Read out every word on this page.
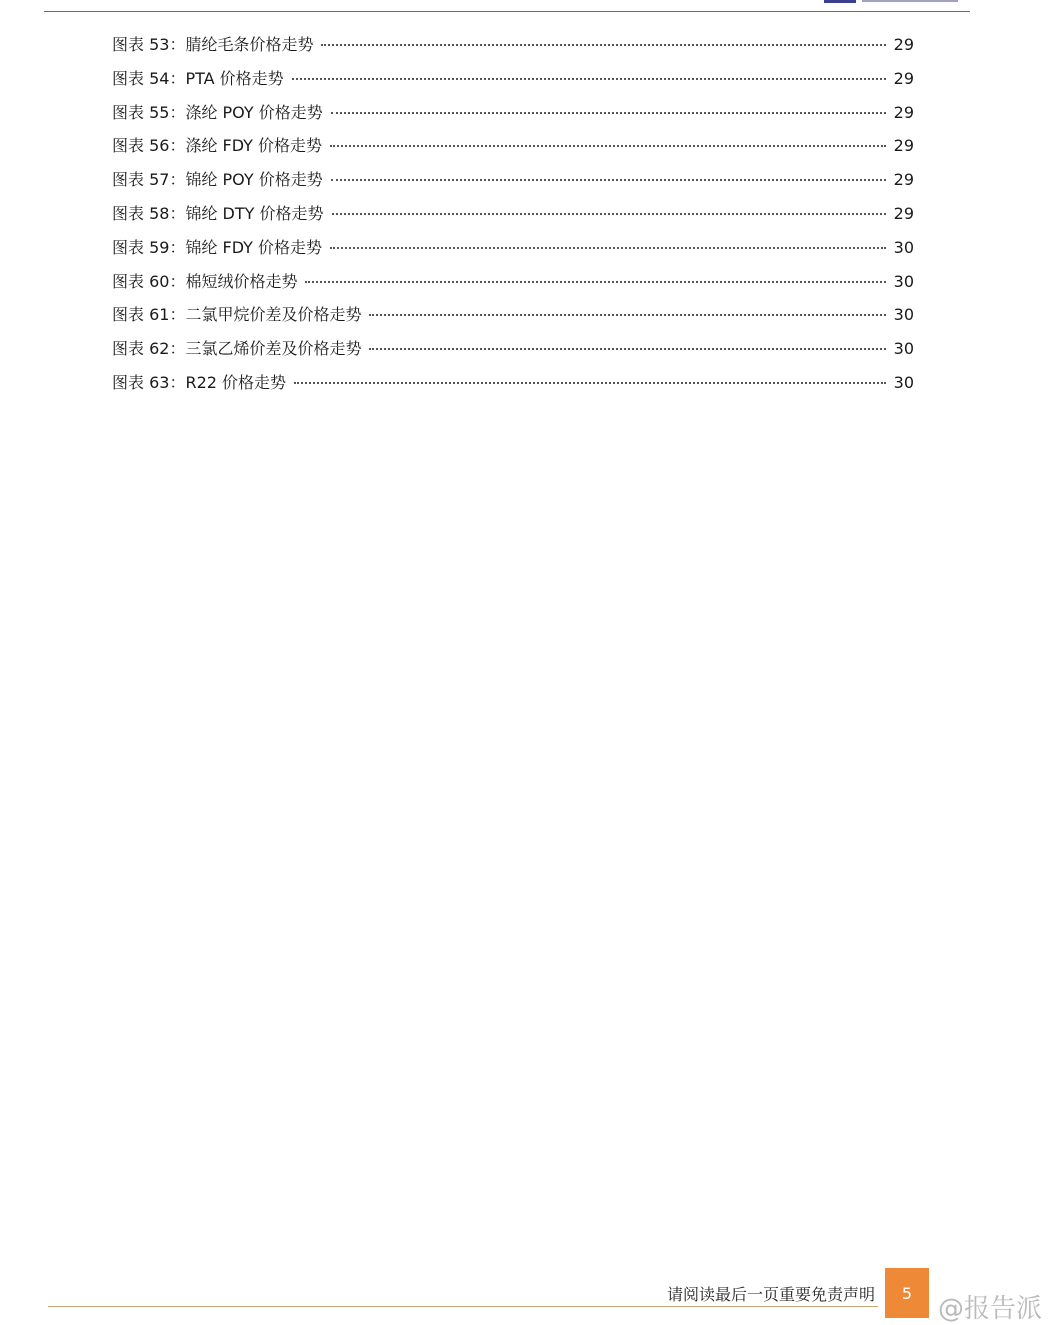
图表 53：腈纶毛条价格走势	29
图表 54：PTA 价格走势	29
图表 55：涤纶 POY 价格走势	29
图表 56：涤纶 FDY 价格走势	29
图表 57：锦纶 POY 价格走势	29
图表 58：锦纶 DTY 价格走势	29
图表 59：锦纶 FDY 价格走势	30
图表 60：棉短绒价格走势	30
图表 61：二氯甲烷价差及价格走势	30
图表 62：三氯乙烯价差及价格走势	30
图表 63：R22 价格走势	30
请阅读最后一页重要免责声明	5
@报告派
